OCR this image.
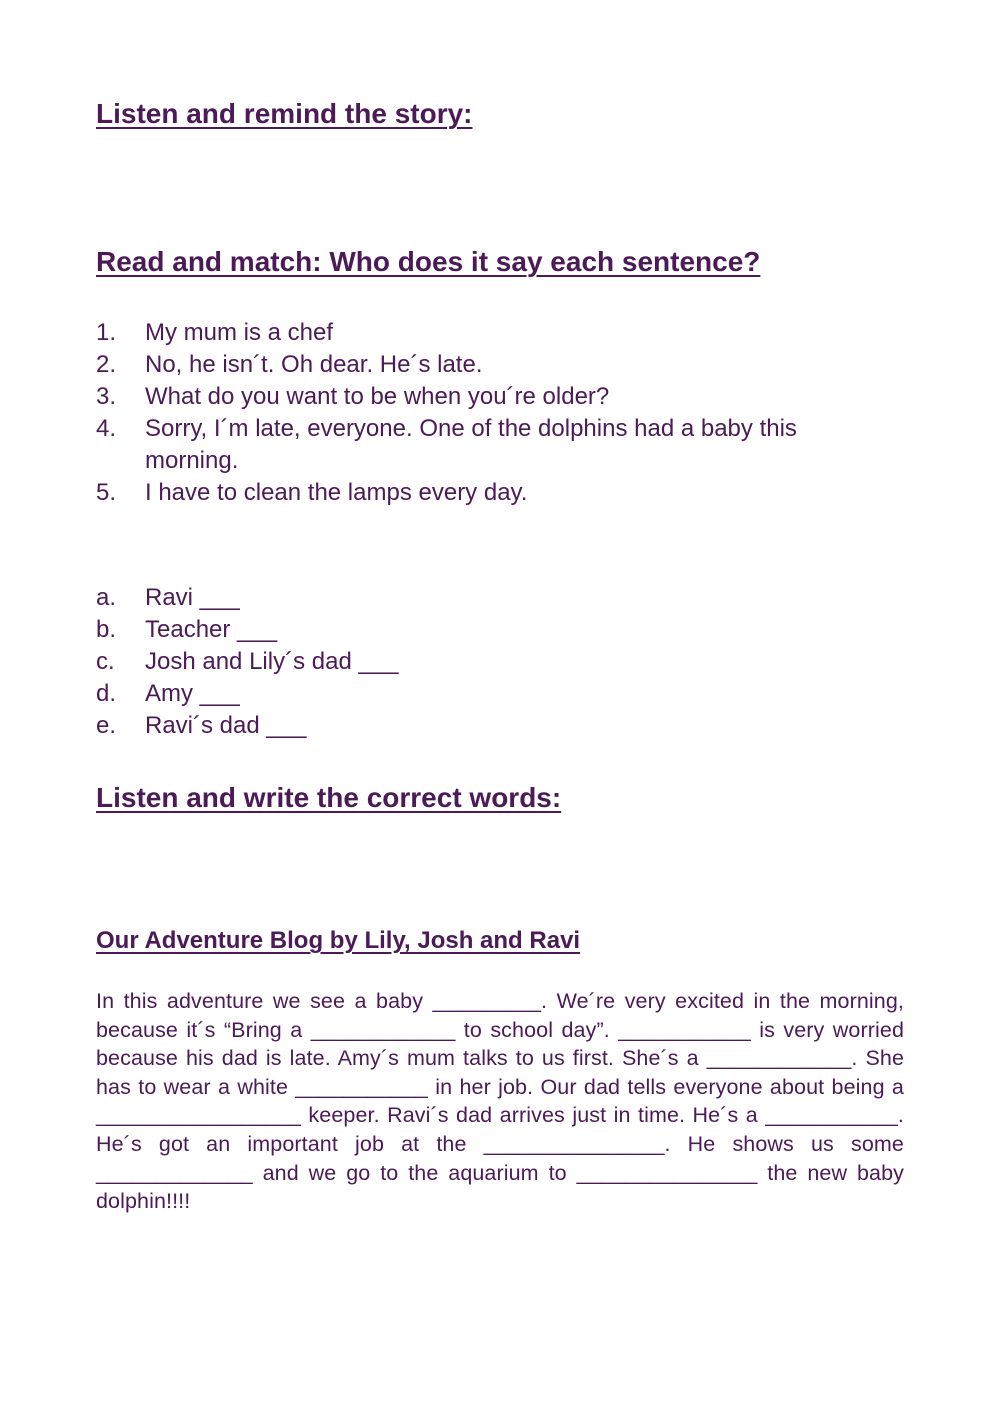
Listen and remind the story:
Read and match: Who does it say each sentence?
1. My mum is a chef
2. No, he isn´t. Oh dear. He´s late.
3. What do you want to be when you´re older?
4. Sorry, I´m late, everyone. One of the dolphins had a baby this morning.
5. I have to clean the lamps every day.
a. Ravi ___
b. Teacher ___
c. Josh and Lily´s dad ___
d. Amy ___
e. Ravi´s dad ___
Listen and write the correct words:
Our Adventure Blog by Lily, Josh and Ravi

In this adventure we see a baby _________. We´re very excited in the morning, because it´s “Bring a ____________ to school day”. ___________ is very worried because his dad is late. Amy´s mum talks to us first. She´s a ____________. She has to wear a white ___________ in her job. Our dad tells everyone about being a _________________ keeper. Ravi´s dad arrives just in time. He´s a ___________. He´s got an important job at the _______________. He shows us some _____________ and we go to the aquarium to _______________ the new baby dolphin!!!!
